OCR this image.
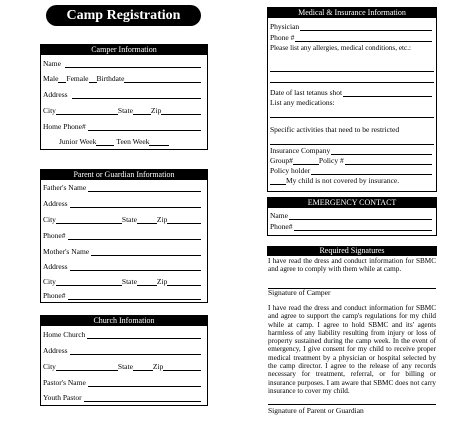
Camp Registration
Camper Information
Name
Male Female Birthdate
Address
City	State Zip
Home Phone#
Junior Week	Teen Week
Parent or Guardian Information
Father's Name
Address
City	State	Zip
Phone#
Mother's Name
Address
City	State	Zip
Phone#
Church Infomation
Home Church
Address
City	State	Zip
Pastor's Name
Youth Pastor
Medical & Insurance Information
Physician
Phone #
Please list any allergies, medical conditions, etc.:
Date of last tetanus shot
List any medications:
Specific activities that need to be restricted
Insurance Company
Group#	Policy #
Policy holder
My child is not covered by insurance.
EMERGENCY CONTACT
Name
Phone#
Required Signatures
I have read the dress and conduct information for SBMC and agree to comply with them while at camp.
Signature of Camper
I have read the dress and conduct information for SBMC and agree to support the camp's regulations for my child while at camp. I agree to hold SBMC and its' agents harmless of any liability resulting from injury or loss of property sustained during the camp week. In the event of emergency, I give consent for my child to receive proper medical treatment by a physician or hospital selected by the camp director. I agree to the release of any records necessary for treatment, referral, or for billing or insurance purposes. I am aware that SBMC does not carry insurance to cover my child.
Signature of Parent or Guardian
